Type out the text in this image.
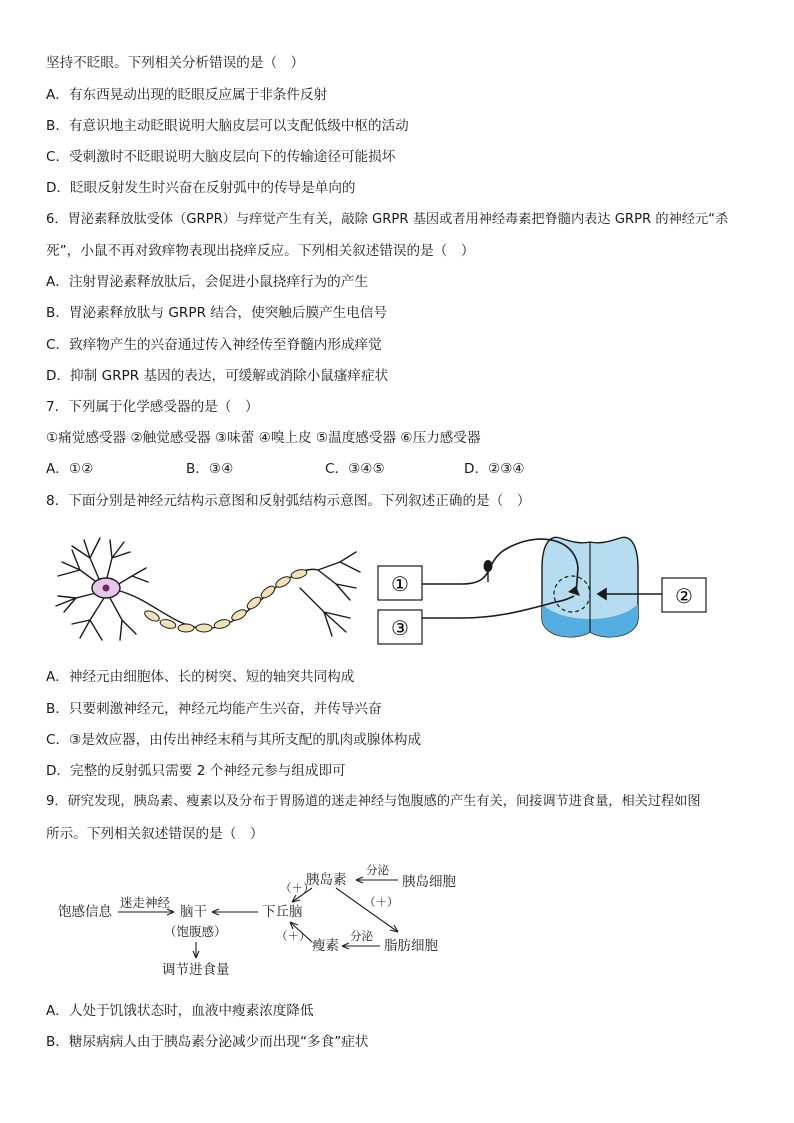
坚持不眨眼。下列相关分析错误的是（　）
A．有东西晃动出现的眨眼反应属于非条件反射
B．有意识地主动眨眼说明大脑皮层可以支配低级中枢的活动
C．受刺激时不眨眼说明大脑皮层向下的传输途径可能损坏
D．眨眼反射发生时兴奋在反射弧中的传导是单向的
6．胃泌素释放肽受体（GRPR）与痒觉产生有关，敲除 GRPR 基因或者用神经毒素把脊髓内表达 GRPR 的神经元“杀
死”，小鼠不再对致痒物表现出挠痒反应。下列相关叙述错误的是（　）
A．注射胃泌素释放肽后，会促进小鼠挠痒行为的产生
B．胃泌素释放肽与 GRPR 结合，使突触后膜产生电信号
C．致痒物产生的兴奋通过传入神经传至脊髓内形成痒觉
D．抑制 GRPR 基因的表达，可缓解或消除小鼠瘙痒症状
7．下列属于化学感受器的是（　）
①痛觉感受器 ②触觉感受器 ③味蕾 ④嗅上皮 ⑤温度感受器 ⑥压力感受器
A．①②	B．③④	C．③④⑤	D．②③④
8．下面分别是神经元结构示意图和反射弧结构示意图。下列叙述正确的是（　）
①
③
②
A．神经元由细胞体、长的树突、短的轴突共同构成
B．只要刺激神经元，神经元均能产生兴奋，并传导兴奋
C．③是效应器，由传出神经末稍与其所支配的肌肉或腺体构成
D．完整的反射弧只需要 2 个神经元参与组成即可
9．研究发现，胰岛素、瘦素以及分布于胃肠道的迷走神经与饱腹感的产生有关，间接调节进食量，相关过程如图
所示。下列相关叙述错误的是（　）
饱感信息
迷走神经
脑干
（饱腹感）
下丘脑
胰岛素	胰岛细胞
瘦素	脂肪细胞
分泌
分泌
（＋）
（＋）
（＋）
调节进食量
A．人处于饥饿状态时，血液中瘦素浓度降低
B．糖尿病病人由于胰岛素分泌减少而出现“多食”症状
